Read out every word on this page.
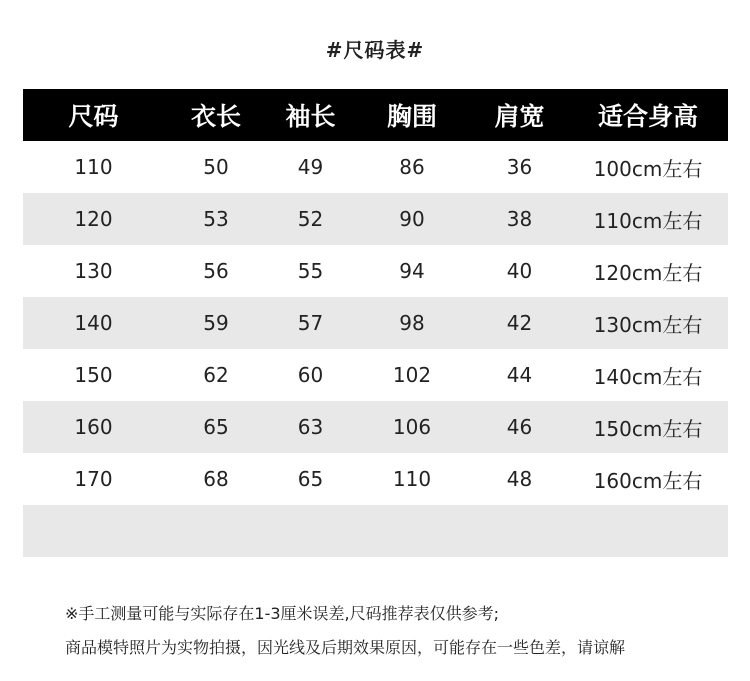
#尺码表#
尺码	衣长	袖长	胸围	肩宽	适合身高
110	50	49	86	36	100cm左右
120	53	52	90	38	110cm左右
130	56	55	94	40	120cm左右
140	59	57	98	42	130cm左右
150	62	60	102	44	140cm左右
160	65	63	106	46	150cm左右
170	68	65	110	48	160cm左右
※手工测量可能与实际存在1-3厘米误差,尺码推荐表仅供参考;
商品模特照片为实物拍摄，因光线及后期效果原因，可能存在一些色差，请谅解
